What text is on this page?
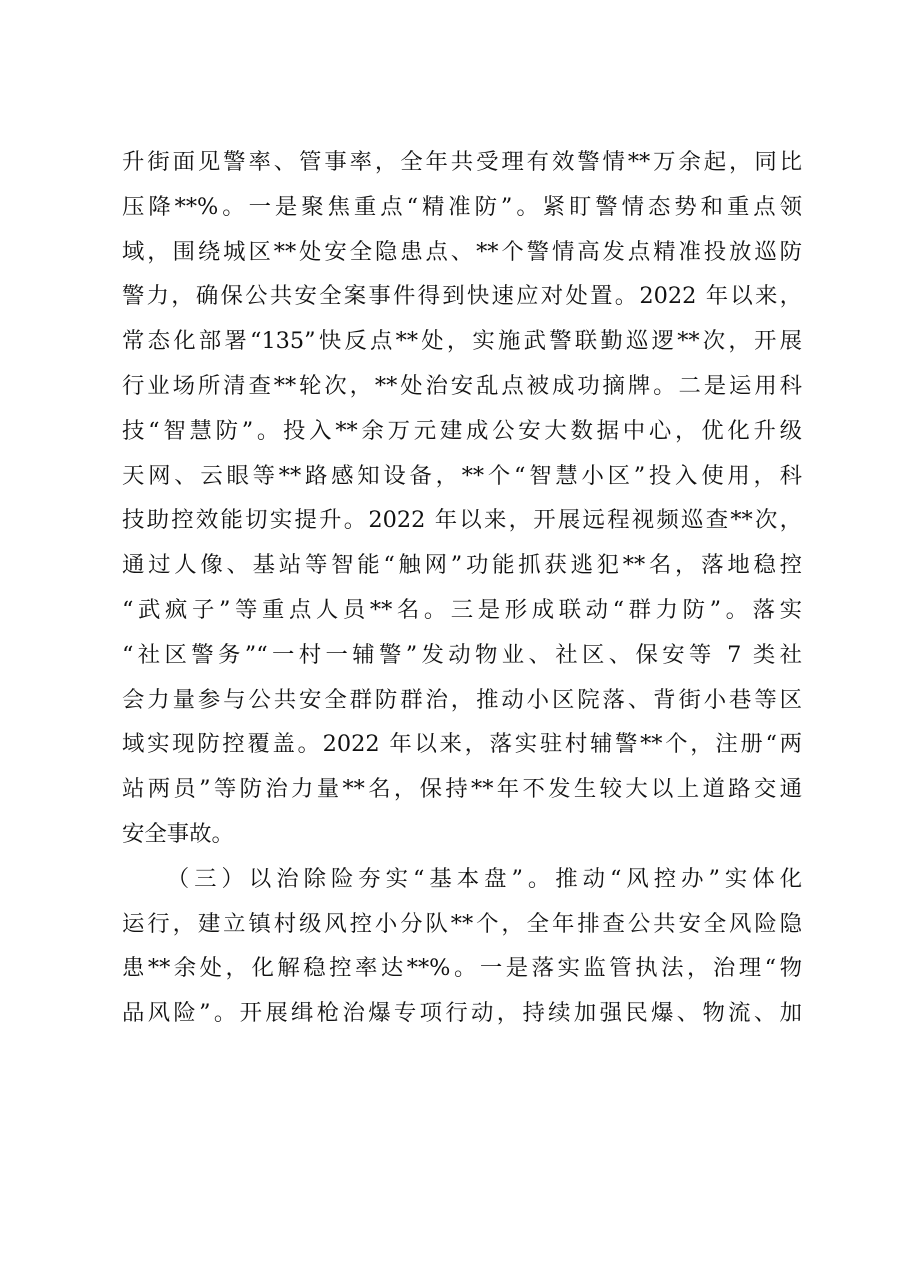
升街面见警率、管事率，全年共受理有效警情**万余起，同比
压降**%。一是聚焦重点“精准防”。紧盯警情态势和重点领
域，围绕城区**处安全隐患点、**个警情高发点精准投放巡防
警力，确保公共安全案事件得到快速应对处置。2022 年以来，
常态化部署“135”快反点**处，实施武警联勤巡逻**次，开展
行业场所清查**轮次，**处治安乱点被成功摘牌。二是运用科
技“智慧防”。投入**余万元建成公安大数据中心，优化升级
天网、云眼等**路感知设备，**个“智慧小区”投入使用，科
技助控效能切实提升。2022 年以来，开展远程视频巡查**次，
通过人像、基站等智能“触网”功能抓获逃犯**名，落地稳控
“武疯子”等重点人员**名。三是形成联动“群力防”。落实
“社区警务”“一村一辅警”发动物业、社区、保安等 7 类社
会力量参与公共安全群防群治，推动小区院落、背街小巷等区
域实现防控覆盖。2022 年以来，落实驻村辅警**个，注册“两
站两员”等防治力量**名，保持**年不发生较大以上道路交通
安全事故。
（三）以治除险夯实“基本盘”。推动“风控办”实体化
运行，建立镇村级风控小分队**个，全年排查公共安全风险隐
患**余处，化解稳控率达**%。一是落实监管执法，治理“物
品风险”。开展缉枪治爆专项行动，持续加强民爆、物流、加
